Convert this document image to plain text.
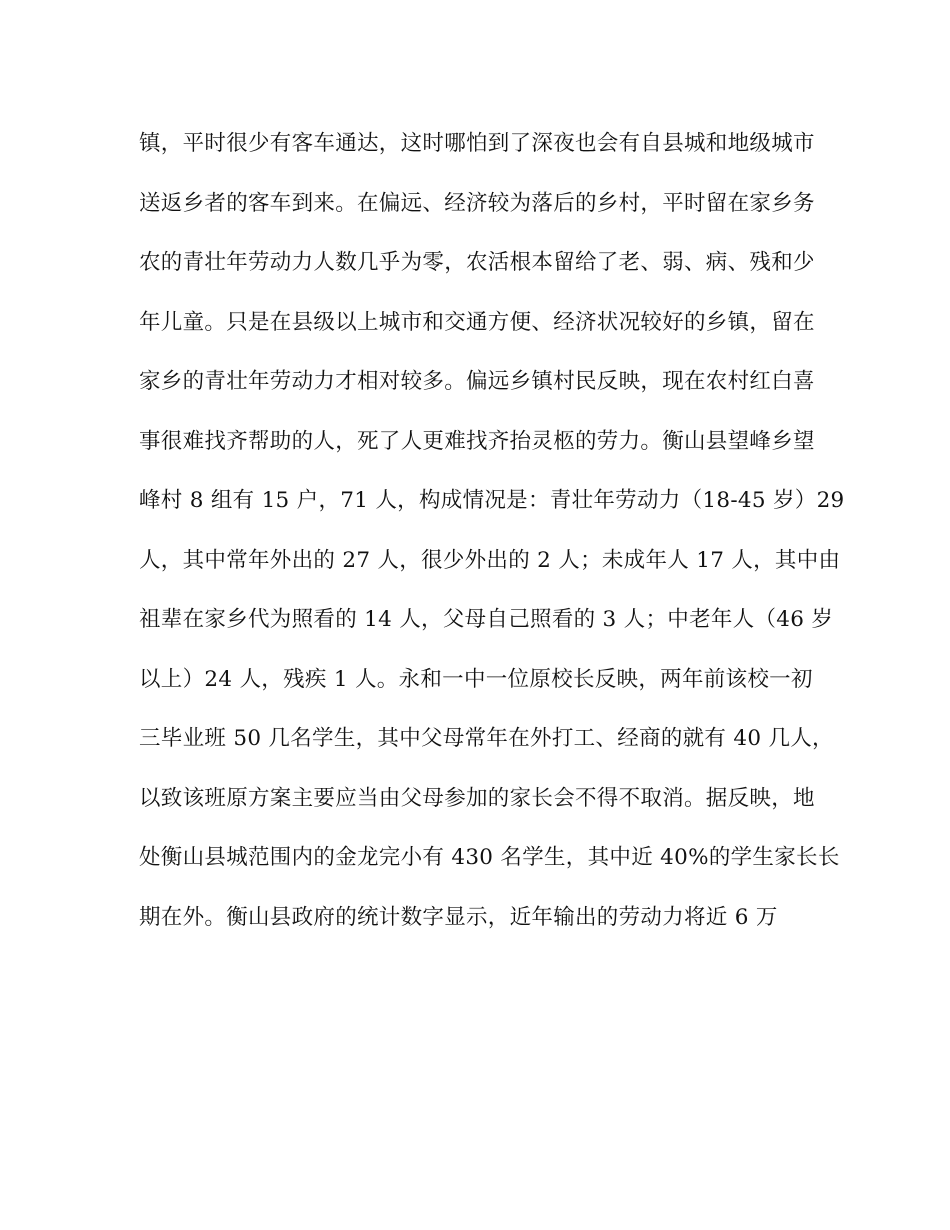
镇，平时很少有客车通达，这时哪怕到了深夜也会有自县城和地级城市
送返乡者的客车到来。在偏远、经济较为落后的乡村，平时留在家乡务
农的青壮年劳动力人数几乎为零，农活根本留给了老、弱、病、残和少
年儿童。只是在县级以上城市和交通方便、经济状况较好的乡镇，留在
家乡的青壮年劳动力才相对较多。偏远乡镇村民反映，现在农村红白喜
事很难找齐帮助的人，死了人更难找齐抬灵柩的劳力。衡山县望峰乡望
峰村 8 组有 15 户，71 人，构成情况是：青壮年劳动力（18-45 岁）29
人，其中常年外出的 27 人，很少外出的 2 人；未成年人 17 人，其中由
祖辈在家乡代为照看的 14 人，父母自己照看的 3 人；中老年人（46 岁
以上）24 人，残疾 1 人。永和一中一位原校长反映，两年前该校一初
三毕业班 50 几名学生，其中父母常年在外打工、经商的就有 40 几人，
以致该班原方案主要应当由父母参加的家长会不得不取消。据反映，地
处衡山县城范围内的金龙完小有 430 名学生，其中近 40%的学生家长长
期在外。衡山县政府的统计数字显示，近年输出的劳动力将近 6 万
